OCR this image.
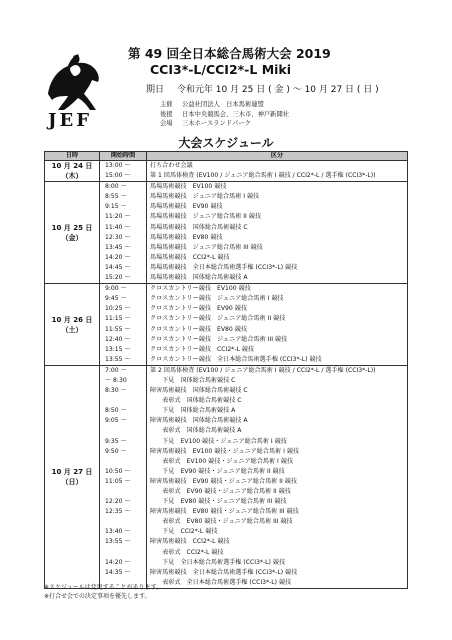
JEF
第 49 回全日本総合馬術大会 2019
CCI3*-L/CCI2*-L Miki
期日 令和元年 10 月 25 日 ( 金 ) 〜 10 月 27 日 ( 日 )
主催 公益社団法人　日本馬術連盟
後援 日本中央競馬会、三木市、神戸新聞社
会場 三木ホースランドパーク
大会スケジュール
日時	開始時間	区分

10 月 24 日
（木）	13:00 〜	打ち合わせ会議
	15:00 〜	第 1 回馬体検査 (EV100 / ジュニア総合馬術 I 競技 / CCI2*-L / 選手権 (CCI3*-L))

10 月 25 日
（金）	8:00 〜	馬場馬術競技　EV100 競技
	8:55 〜	馬場馬術競技　ジュニア総合馬術 I 競技
	9:15 〜	馬場馬術競技　EV90 競技
	11:20 〜	馬場馬術競技　ジュニア総合馬術 II 競技
	11:40 〜	馬場馬術競技　国体総合馬術競技 C
	12:30 〜	馬場馬術競技　EV80 競技
	13:45 〜	馬場馬術競技　ジュニア総合馬術 III 競技
	14:20 〜	馬場馬術競技　CCI2*-L 競技
	14:45 〜	馬場馬術競技　全日本総合馬術選手権 (CCI3*-L) 競技
	15:20 〜	馬場馬術競技　国体総合馬術競技 A

10 月 26 日
（土）	9:00 〜	クロスカントリー競技　EV100 競技
	9:45 〜	クロスカントリー競技　ジュニア総合馬術 I 競技
	10:25 〜	クロスカントリー競技　EV90 競技
	11:15 〜	クロスカントリー競技　ジュニア総合馬術 II 競技
	11:55 〜	クロスカントリー競技　EV80 競技
	12:40 〜	クロスカントリー競技　ジュニア総合馬術 III 競技
	13:15 〜	クロスカントリー競技　CCI2*-L 競技
	13:55 〜	クロスカントリー競技　全日本総合馬術選手権 (CCI3*-L) 競技

10 月 27 日
（日）	7:00 〜	第 2 回馬体検査 (EV100 / ジュニア総合馬術 I 競技 / CCI2*-L / 選手権 (CCI3*-L))
	〜 8:30	　　下見　国体総合馬術競技 C
	8:30 〜	障害馬術競技　国体総合馬術競技 C
		　　表彰式　国体総合馬術競技 C
	8:50 〜	　　下見　国体総合馬術競技 A
	9:05 〜	障害馬術競技　国体総合馬術競技 A
		　　表彰式　国体総合馬術競技 A
	9:35 〜	　　下見　EV100 競技・ジュニア総合馬術 I 競技
	9:50 〜	障害馬術競技　EV100 競技・ジュニア総合馬術 I 競技
		　　表彰式　EV100 競技・ジュニア総合馬術 I 競技
	10:50 〜	　　下見　EV90 競技・ジュニア総合馬術 II 競技
	11:05 〜	障害馬術競技　EV90 競技・ジュニア総合馬術 II 競技
		　　表彰式　EV90 競技・ジュニア総合馬術 II 競技
	12:20 〜	　　下見　EV80 競技・ジュニア総合馬術 III 競技
	12:35 〜	障害馬術競技　EV80 競技・ジュニア総合馬術 III 競技
		　　表彰式　EV80 競技・ジュニア総合馬術 III 競技
	13:40 〜	　　下見　CCI2*-L 競技
	13:55 〜	障害馬術競技　CCI2*-L 競技
		　　表彰式　CCI2*-L 競技
	14:20 〜	　　下見　全日本総合馬術選手権 (CCI3*-L) 競技
	14:35 〜	障害馬術競技　全日本総合馬術選手権 (CCI3*-L) 競技
		　　表彰式　全日本総合馬術選手権 (CCI3*-L) 競技
※スケジュールは変更することがあります。
※打合せ会での決定事項を優先します。
